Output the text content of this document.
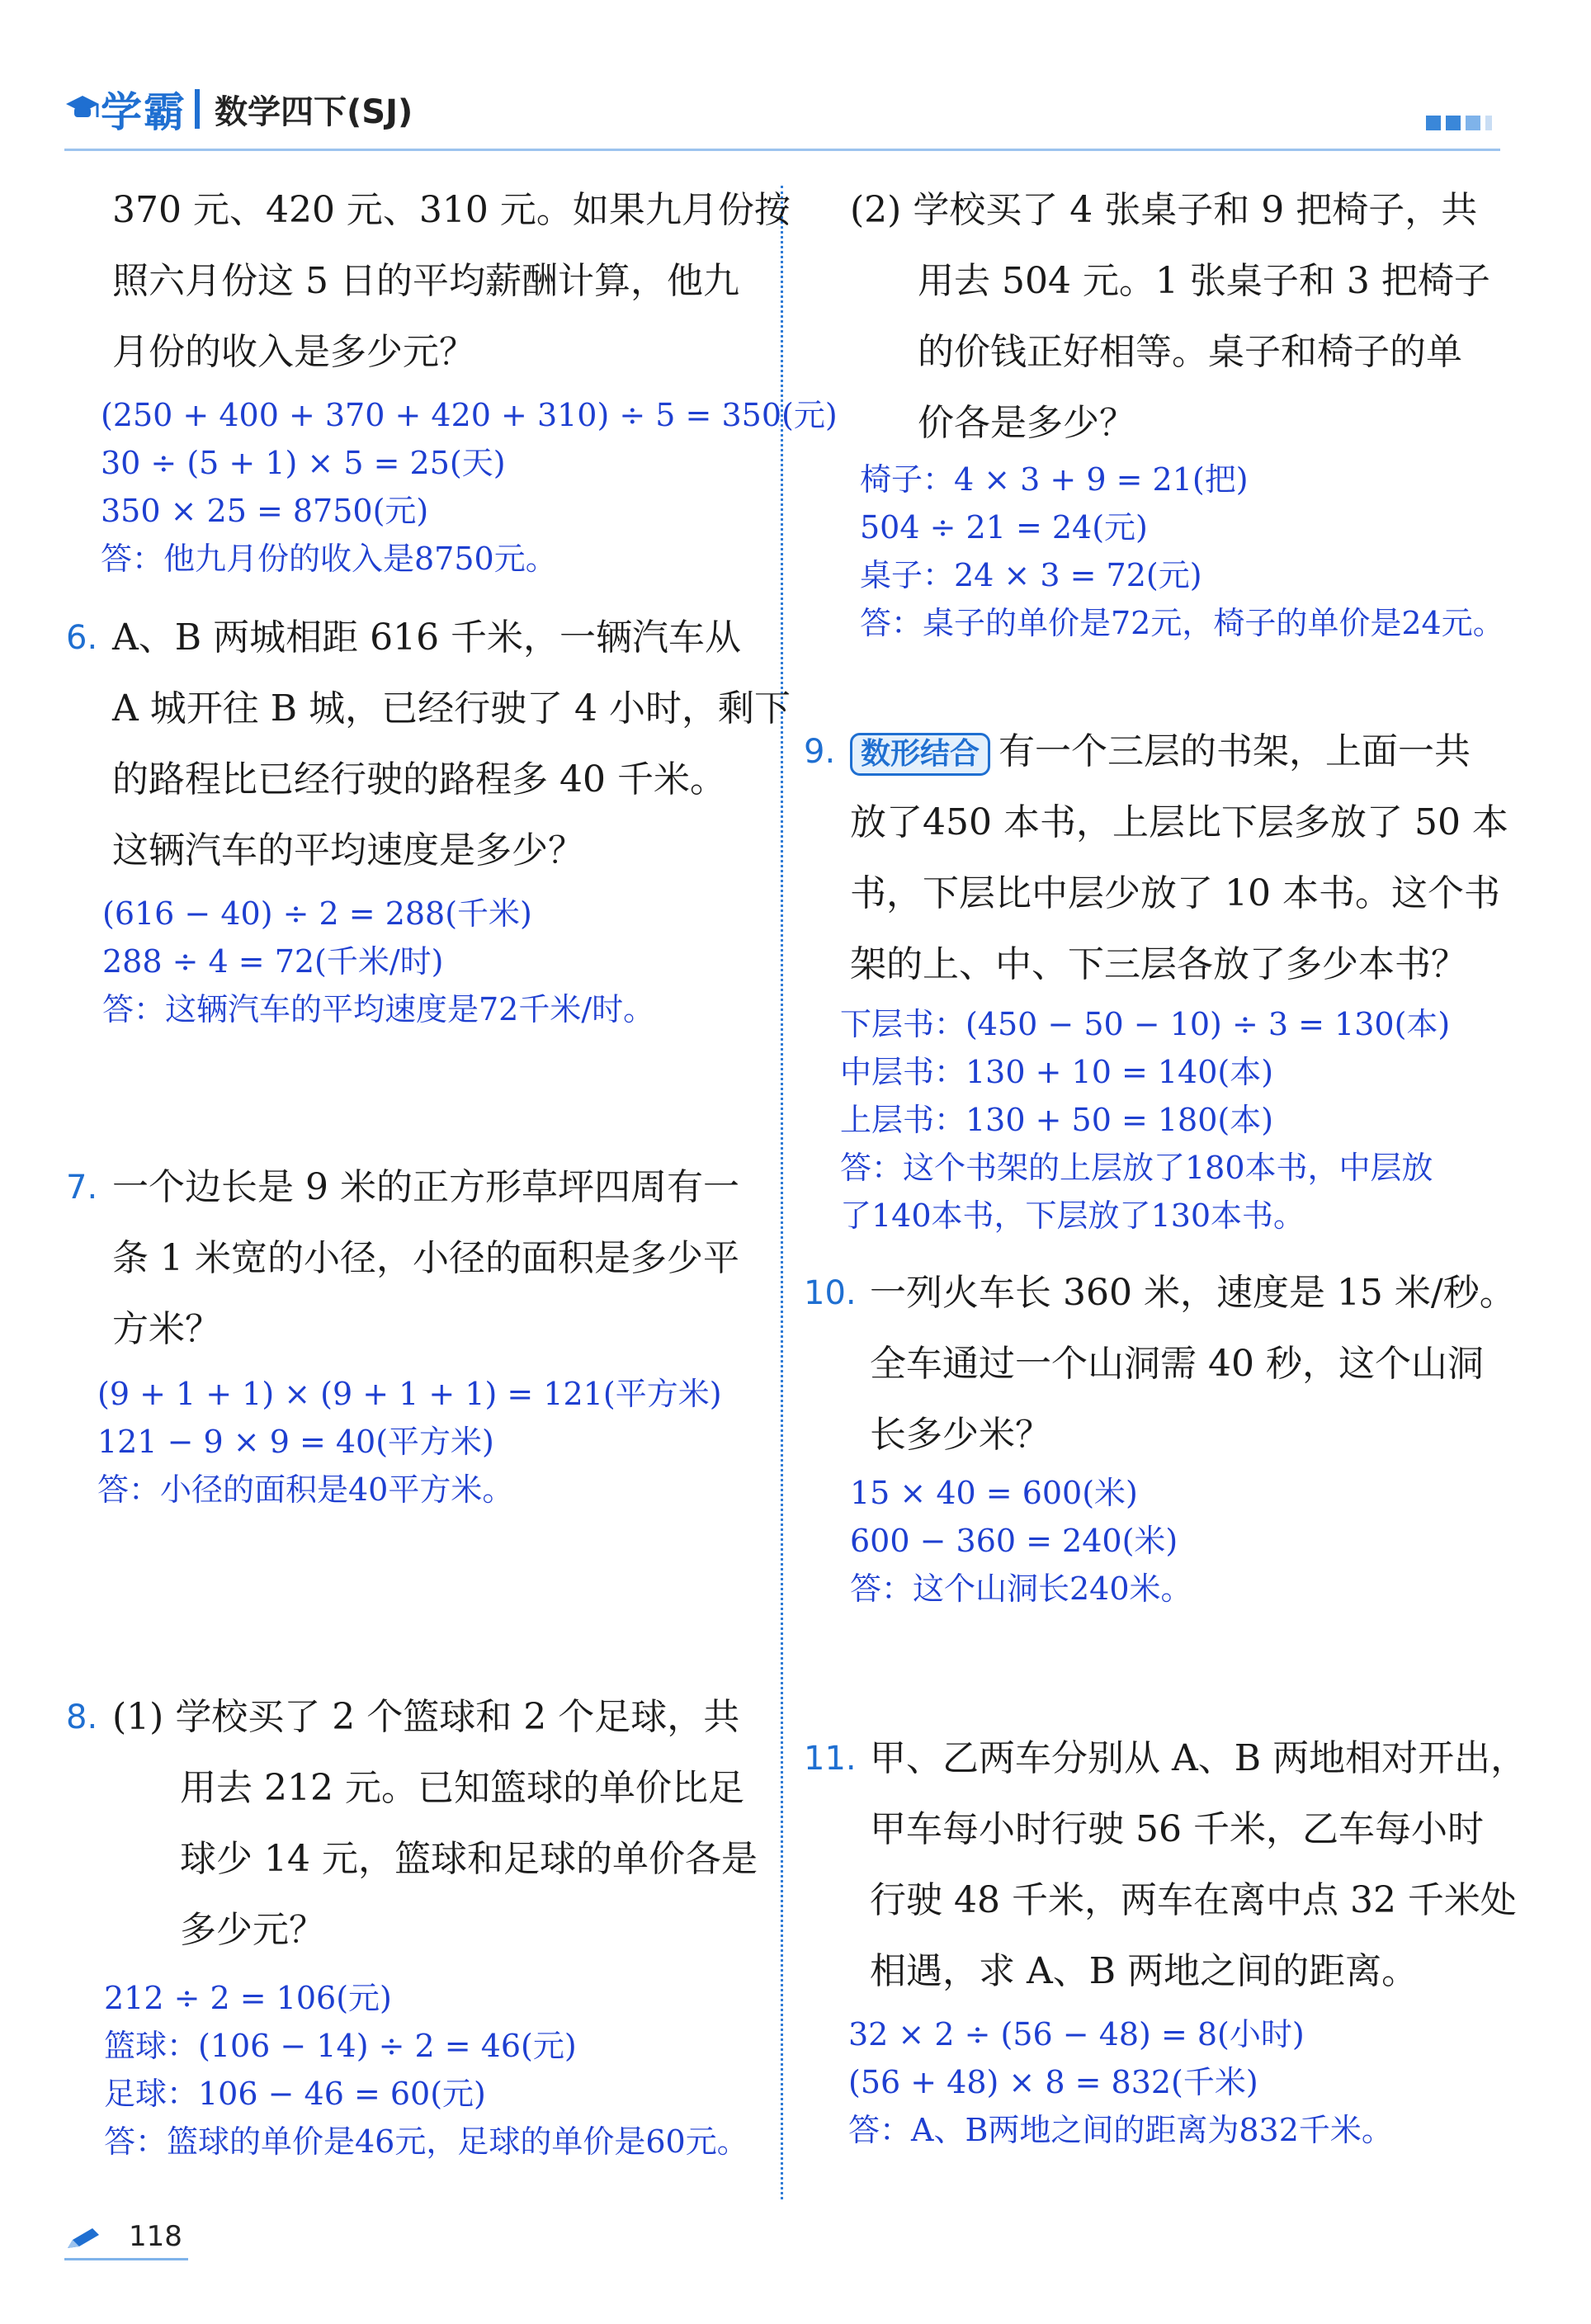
学霸 数学四下(SJ)
370 元、420 元、310 元。如果九月份按
照六月份这 5 日的平均薪酬计算，他九
月份的收入是多少元？
(250 + 400 + 370 + 420 + 310) ÷ 5 = 350(元)
30 ÷ (5 + 1) × 5 = 25(天)
350 × 25 = 8750(元)
答：他九月份的收入是8750元。
6. A、B 两城相距 616 千米，一辆汽车从
A 城开往 B 城，已经行驶了 4 小时，剩下
的路程比已经行驶的路程多 40 千米。
这辆汽车的平均速度是多少？
(616 − 40) ÷ 2 = 288(千米)
288 ÷ 4 = 72(千米/时)
答：这辆汽车的平均速度是72千米/时。
7. 一个边长是 9 米的正方形草坪四周有一
条 1 米宽的小径，小径的面积是多少平
方米？
(9 + 1 + 1) × (9 + 1 + 1) = 121(平方米)
121 − 9 × 9 = 40(平方米)
答：小径的面积是40平方米。
8. (1) 学校买了 2 个篮球和 2 个足球，共
用去 212 元。已知篮球的单价比足
球少 14 元，篮球和足球的单价各是
多少元？
212 ÷ 2 = 106(元)
篮球：(106 − 14) ÷ 2 = 46(元)
足球：106 − 46 = 60(元)
答：篮球的单价是46元，足球的单价是60元。
(2) 学校买了 4 张桌子和 9 把椅子，共
用去 504 元。1 张桌子和 3 把椅子
的价钱正好相等。桌子和椅子的单
价各是多少？
椅子：4 × 3 + 9 = 21(把)
504 ÷ 21 = 24(元)
桌子：24 × 3 = 72(元)
答：桌子的单价是72元，椅子的单价是24元。
9. 数形结合 有一个三层的书架，上面一共
放了450 本书，上层比下层多放了 50 本
书，下层比中层少放了 10 本书。这个书
架的上、中、下三层各放了多少本书？
下层书：(450 − 50 − 10) ÷ 3 = 130(本)
中层书：130 + 10 = 140(本)
上层书：130 + 50 = 180(本)
答：这个书架的上层放了180本书，中层放
了140本书，下层放了130本书。
10. 一列火车长 360 米，速度是 15 米/秒。
全车通过一个山洞需 40 秒，这个山洞
长多少米？
15 × 40 = 600(米)
600 − 360 = 240(米)
答：这个山洞长240米。
11. 甲、乙两车分别从 A、B 两地相对开出，
甲车每小时行驶 56 千米，乙车每小时
行驶 48 千米，两车在离中点 32 千米处
相遇，求 A、B 两地之间的距离。
32 × 2 ÷ (56 − 48) = 8(小时)
(56 + 48) × 8 = 832(千米)
答：A、B两地之间的距离为832千米。
118
